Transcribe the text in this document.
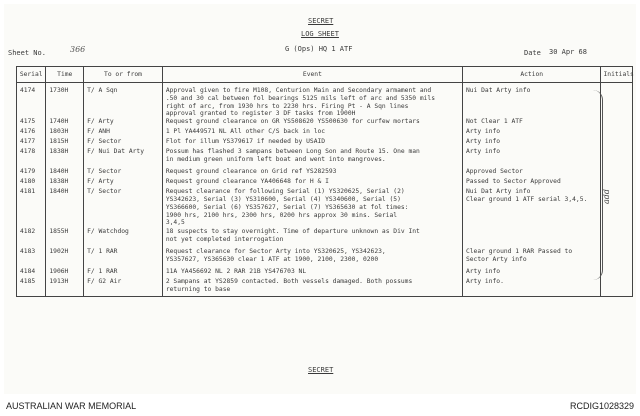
SECRET
LOG SHEET
G (Ops) HQ 1 ATF
Sheet No.	366	Date 30 Apr 68
Serial	Time	To or from	Event	Action	Initials
4174	1730H	T/ A Sqn	Approval given to fire M108, Centurion Main and Secondary armament and
.50 and 30 cal between fol bearings 5125 mils left of arc and 5350 mils
right of arc, from 1930 hrs to 2230 hrs. Firing Pt - A Sqn lines
approval granted to register 3 DF tasks from 1900H	Nui Dat Arty info	
4175	1740H	F/ Arty	Request ground clearance on GR YS508620 YS500630 for curfew mortars	Not Clear 1 ATF	
4176	1803H	F/ ANH	1 Pl YA449571 NL All other C/S back in loc	Arty info	
4177	1815H	F/ Sector	Flot for illum YS379617 if needed by USAID	Arty info	
4178	1838H	F/ Nui Dat Arty	Possum has flashed 3 sampans between Long Son and Route 15. One man
in medium green uniform left boat and went into mangroves.	Arty info	
4179	1840H	T/ Sector	Request ground clearance on Grid ref YS282593	Approved Sector	
4180	1838H	F/ Arty	Request ground clearance YA406648 for H & I	Passed to Sector Approved	
4181	1840H	T/ Sector	Request clearance for following Serial (1) YS320625, Serial (2)
YS342623, Serial (3) YS310600, Serial (4) YS340600, Serial (5)
YS366600, Serial (6) YS357627, Serial (7) YS365630 at fol times:
1900 hrs, 2100 hrs, 2300 hrs, 0200 hrs approx 30 mins. Serial
3,4,5	Nui Dat Arty info
Clear ground 1 ATF serial 3,4,5.	
4182	1855H	F/ Watchdog	18 suspects to stay overnight. Time of departure unknown as Div Int
not yet completed interrogation		
4183	1902H	T/ 1 RAR	Request clearance for Sector Arty into YS320625, YS342623,
YS357627, YS365630 clear 1 ATF at 1900, 2100, 2300, 0200	Clear ground 1 RAR Passed to
Sector Arty info	
4184	1906H	F/ 1 RAR	11A YA456692 NL 2 RAR 21B YS476703 NL	Arty info	
4185	1913H	F/ G2 Air	2 Sampans at YS2859 contacted. Both vessels damaged. Both possums
returning to base	Arty info.	
add
SECRET
AUSTRALIAN WAR MEMORIAL	RCDIG1028329
